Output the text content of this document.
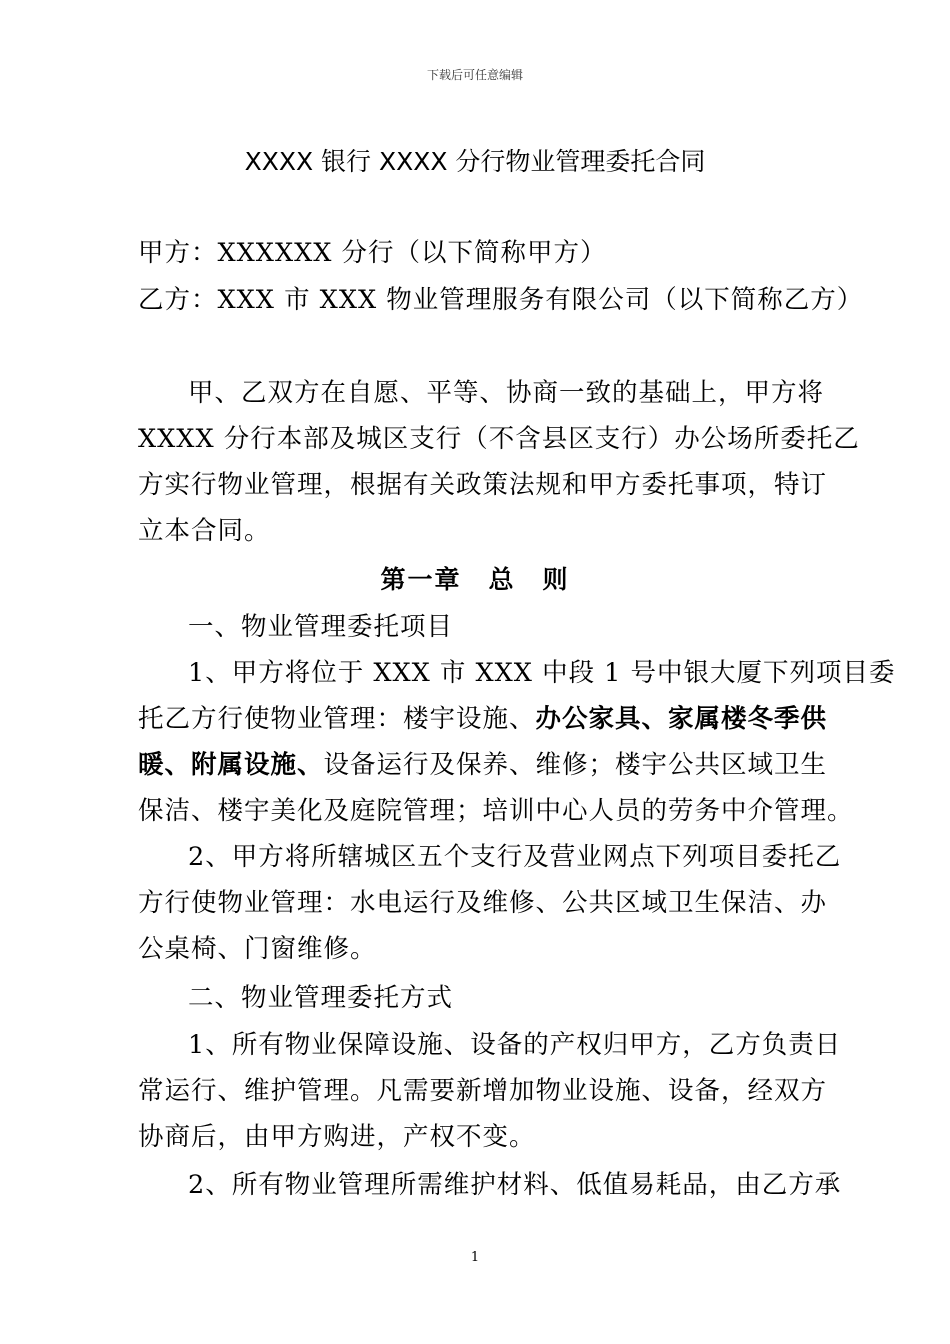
下载后可任意编辑
XXXX 银行 XXXX 分行物业管理委托合同
甲方：XXXXXX 分行（以下简称甲方）
乙方：XXX 市 XXX 物业管理服务有限公司（以下简称乙方）
甲、乙双方在自愿、平等、协商一致的基础上，甲方将
XXXX 分行本部及城区支行（不含县区支行）办公场所委托乙
方实行物业管理，根据有关政策法规和甲方委托事项，特订
立本合同。
第一章　总　则
一、物业管理委托项目
1、甲方将位于 XXX 市 XXX 中段 1 号中银大厦下列项目委
托乙方行使物业管理：楼宇设施、办公家具、家属楼冬季供
暖、附属设施、设备运行及保养、维修；楼宇公共区域卫生
保洁、楼宇美化及庭院管理；培训中心人员的劳务中介管理。
2、甲方将所辖城区五个支行及营业网点下列项目委托乙
方行使物业管理：水电运行及维修、公共区域卫生保洁、办
公桌椅、门窗维修。
二、物业管理委托方式
1、所有物业保障设施、设备的产权归甲方，乙方负责日
常运行、维护管理。凡需要新增加物业设施、设备，经双方
协商后，由甲方购进，产权不变。
2、所有物业管理所需维护材料、低值易耗品，由乙方承
1
